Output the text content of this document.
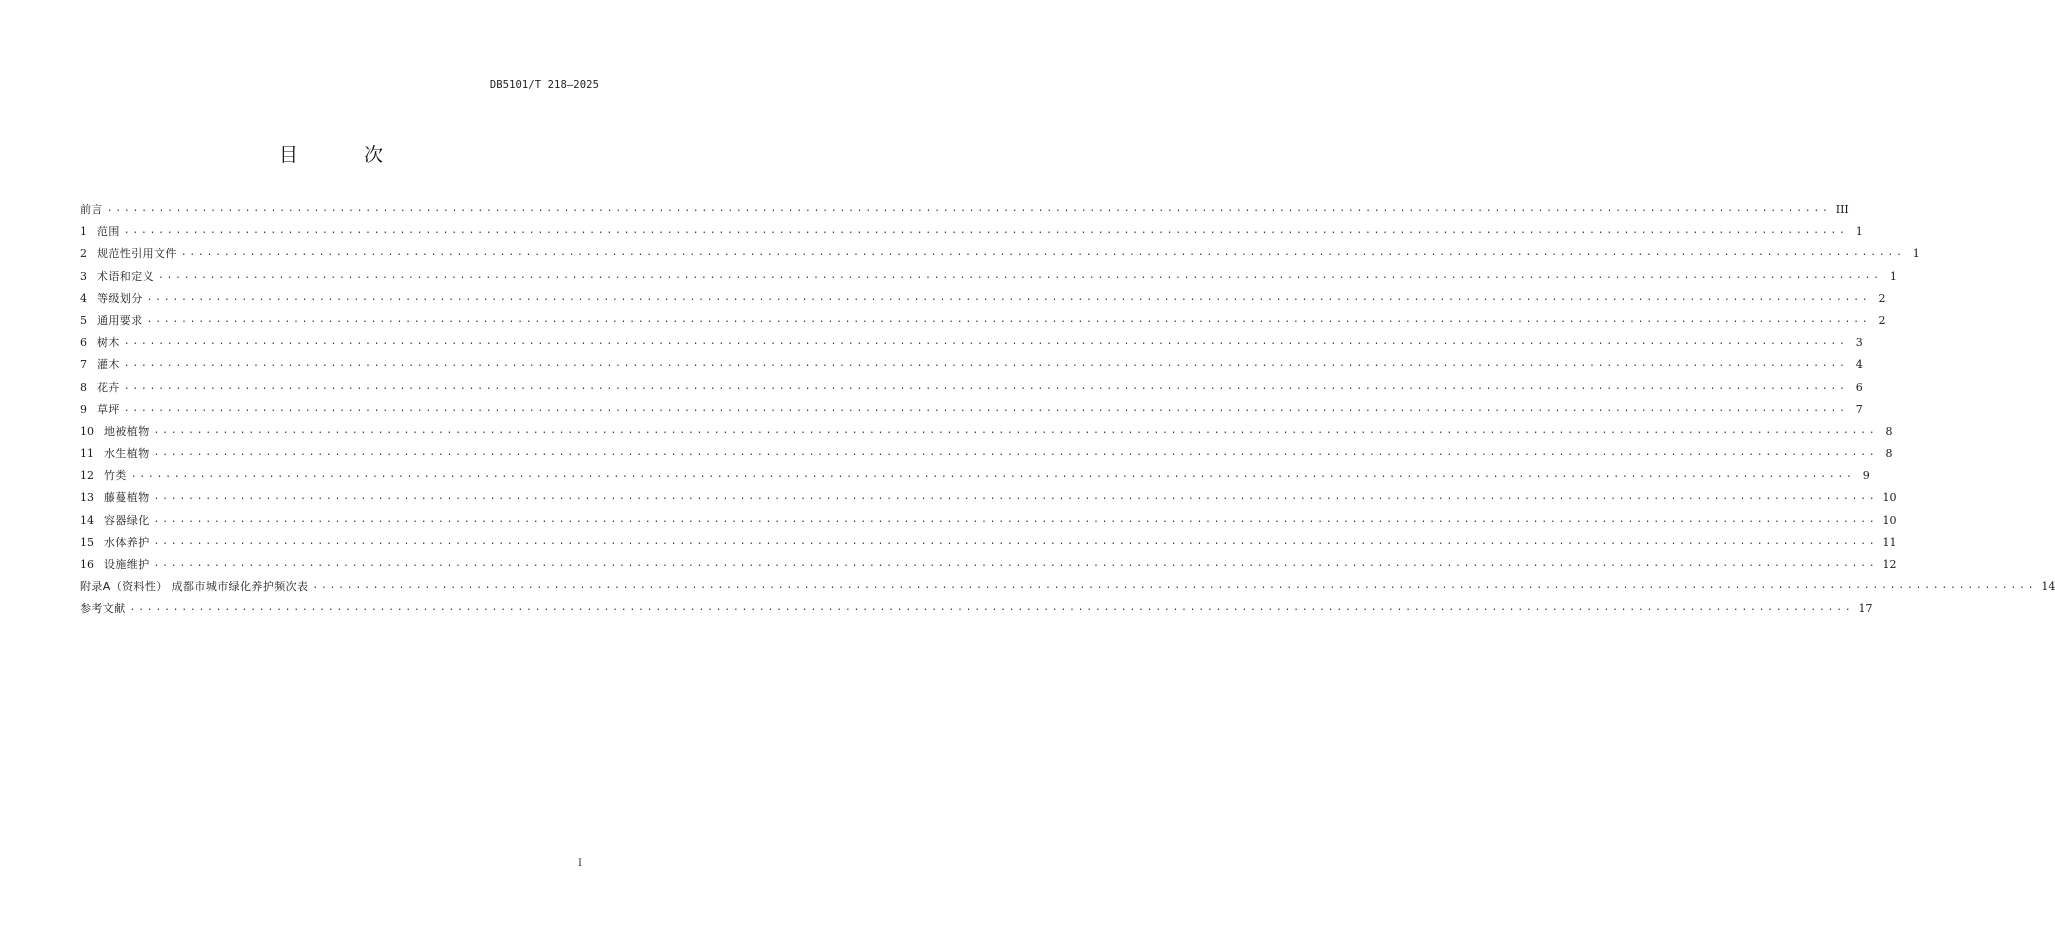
DB5101/T 218—2025
目 次
前言 ........................................................................................................................................................................................................ III
1 范围 ........................................................................................................................................................................................................ 1
2 规范性引用文件 ........................................................................................................................................................................................................ 1
3 术语和定义 ........................................................................................................................................................................................................ 1
4 等级划分 ........................................................................................................................................................................................................ 2
5 通用要求 ........................................................................................................................................................................................................ 2
6 树木 ........................................................................................................................................................................................................ 3
7 灌木 ........................................................................................................................................................................................................ 4
8 花卉 ........................................................................................................................................................................................................ 6
9 草坪 ........................................................................................................................................................................................................ 7
10 地被植物 ........................................................................................................................................................................................................ 8
11 水生植物 ........................................................................................................................................................................................................ 8
12 竹类 ........................................................................................................................................................................................................ 9
13 藤蔓植物 ........................................................................................................................................................................................................ 10
14 容器绿化 ........................................................................................................................................................................................................ 10
15 水体养护 ........................................................................................................................................................................................................ 11
16 设施维护 ........................................................................................................................................................................................................ 12
附录A（资料性） 成都市城市绿化养护频次表 ........................................................................................................................................................................................................ 14
参考文献 ........................................................................................................................................................................................................ 17
I
